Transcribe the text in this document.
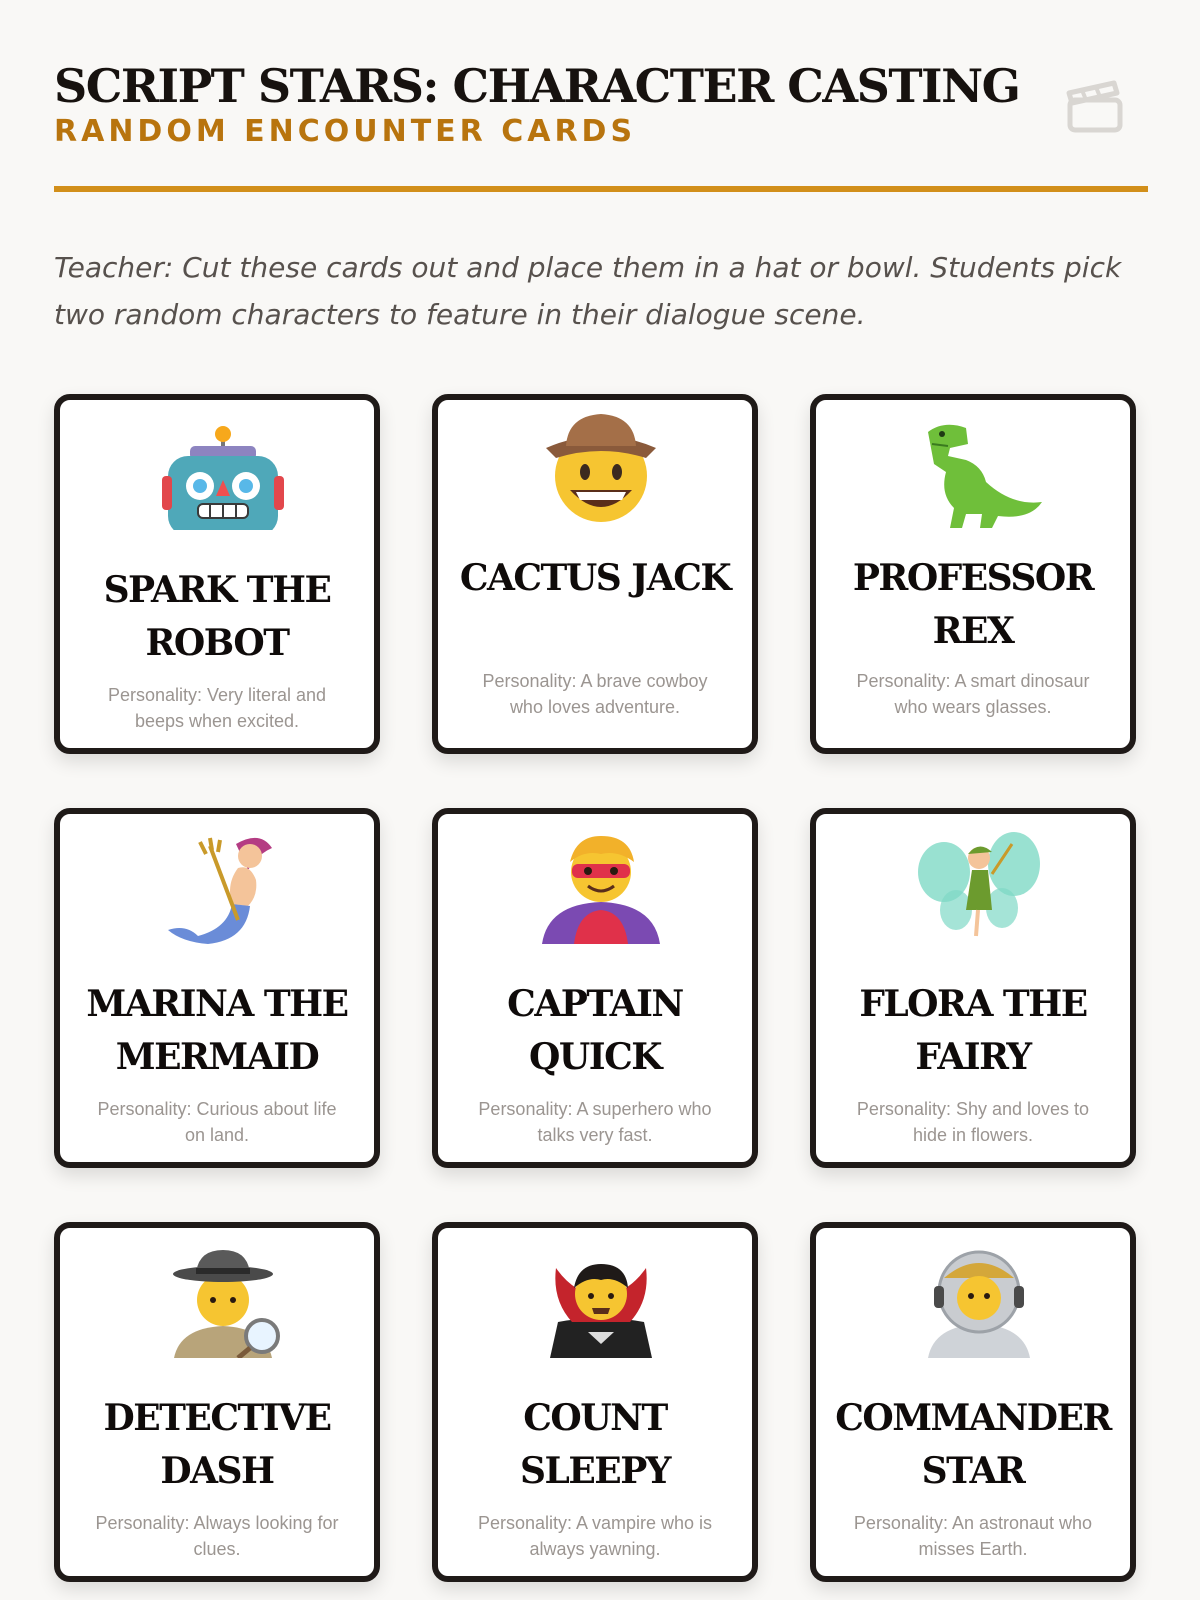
SCRIPT STARS: CHARACTER CASTING
RANDOM ENCOUNTER CARDS
Teacher: Cut these cards out and place them in a hat or bowl. Students pick two random characters to feature in their dialogue scene.
SPARK THE ROBOT
Personality: Very literal and beeps when excited.
CACTUS JACK
Personality: A brave cowboy who loves adventure.
PROFESSOR REX
Personality: A smart dinosaur who wears glasses.
MARINA THE MERMAID
Personality: Curious about life on land.
CAPTAIN QUICK
Personality: A superhero who talks very fast.
FLORA THE FAIRY
Personality: Shy and loves to hide in flowers.
DETECTIVE DASH
Personality: Always looking for clues.
COUNT SLEEPY
Personality: A vampire who is always yawning.
COMMANDER STAR
Personality: An astronaut who misses Earth.
